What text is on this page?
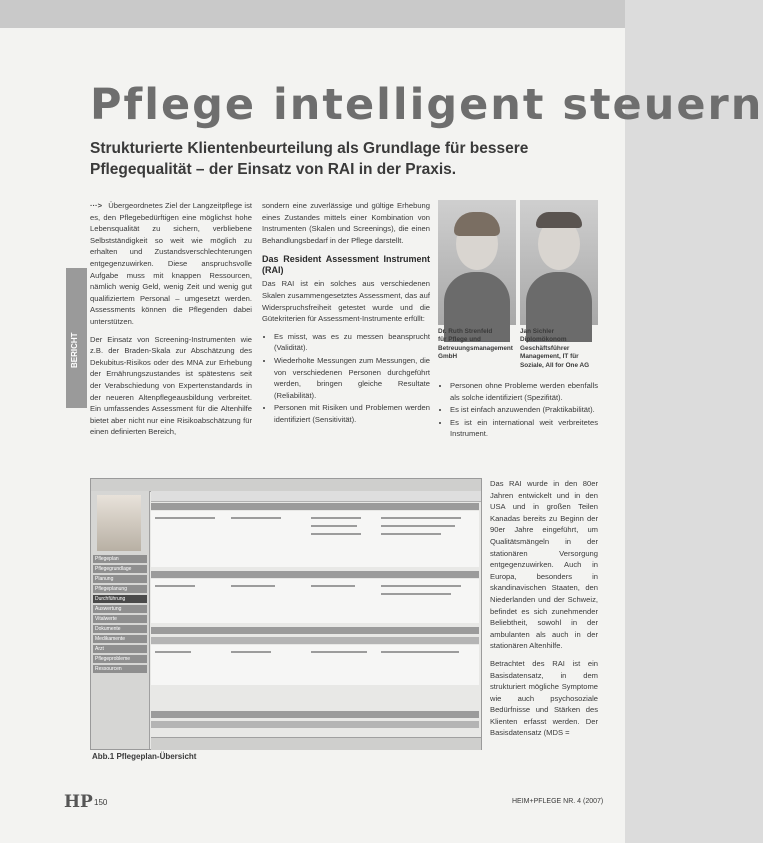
Pflege intelligent steuern
Strukturierte Klientenbeurteilung als Grundlage für bessere Pflegequalität – der Einsatz von RAI in der Praxis.
BERICHT

···> Übergeordnetes Ziel der Langzeitpflege ist es, den Pflegebedürftigen eine möglichst hohe Lebensqualität zu sichern, verbliebene Selbstständigkeit so weit wie möglich zu erhalten und Zustandsverschlechterungen entgegenzuwirken. Diese anspruchsvolle Aufgabe muss mit knappen Ressourcen, nämlich wenig Geld, wenig Zeit und wenig gut qualifiziertem Personal – umgesetzt werden. Assessments können die Pflegenden dabei unterstützen.

Der Einsatz von Screening-Instrumenten wie z.B. der Braden-Skala zur Abschätzung des Dekubitus-Risikos oder des MNA zur Erhebung der Ernährungszustandes ist spätestens seit der Verabschiedung von Expertenstandards in der neueren Altenpflegeausbildung verbreitet. Ein umfassendes Assessment für die Altenhilfe bietet aber nicht nur eine Risikoabschätzung für einen definierten Bereich,

sondern eine zuverlässige und gültige Erhebung eines Zustandes mittels einer Kombination von Instrumenten (Skalen und Screenings), die einen Behandlungsbedarf in der Pflege darstellt.

Das Resident Assessment Instrument (RAI)

Das RAI ist ein solches aus verschiedenen Skalen zusammengesetztes Assessment, das auf Widerspruchsfreiheit getestet wurde und die Gütekriterien für Assessment-Instrumente erfüllt:

• Es misst, was es zu messen beansprucht (Validität).
• Wiederholte Messungen zum Messungen, die von verschiedenen Personen durchgeführt werden, bringen gleiche Resultate (Reliabilität).
• Personen mit Risiken und Problemen werden identifiziert (Sensitivität).
Dr. Ruth Strenfeld
für Pflege und Betreuungsmanagement GmbH
Jan Sichler
Diplomökonom Geschäftsführer Management, IT für Soziale, All for One AG
• Personen ohne Probleme werden ebenfalls als solche identifiziert (Spezifität).
• Es ist einfach anzuwenden (Praktikabilität).
• Es ist ein international weit verbreitetes Instrument.

Das RAI wurde in den 80er Jahren entwickelt und in den USA und in großen Teilen Kanadas bereits zu Beginn der 90er Jahre eingeführt, um Qualitätsmängeln in der stationären Versorgung entgegenzuwirken. Auch in Europa, besonders in skandinavischen Staaten, den Niederlanden und der Schweiz, befindet es sich zunehmender Beliebtheit, sowohl in der ambulanten als auch in der stationären Altenhilfe.

Betrachtet des RAI ist ein Basisdatensatz, in dem strukturiert mögliche Symptome wie auch psychosoziale Bedürfnisse und Stärken des Klienten erfasst werden. Der Basisdatensatz (MDS =

Pflegeplan
Pflegegrundlage
Planung
Pflegeplanung
Durchführung
Auswertung
Vitalwerte
Dokumente
Medikamente
Arzt
Pflegeprobleme
Ressourcen
Abb.1 Pflegeplan-Übersicht
HP 150	HEIM+PFLEGE NR. 4 (2007)
